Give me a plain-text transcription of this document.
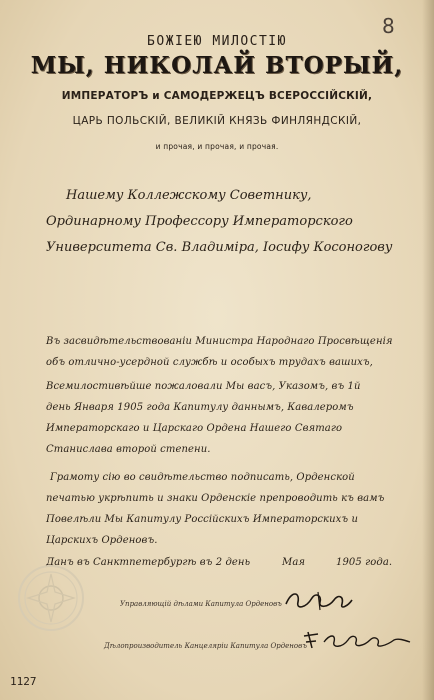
8
БОЖІЕЮ МИЛОСТІЮ
МЫ, НИКОЛАЙ ВТОРЫЙ,
ИМПЕРАТОРЪ и САМОДЕРЖЕЦЪ ВСЕРОССІЙСКІЙ,
ЦАРЬ ПОЛЬСКІЙ, ВЕЛИКІЙ КНЯЗЬ ФИНЛЯНДСКІЙ,
и прочая, и прочая, и прочая.
Нашему Коллежскому Советнику,
Ординарному Профессору Императорского
Университета Св. Владиміра, Іосифу Косоногову
Въ засвидѣтельствованіи Министра Народнаго Просвѣщенія
объ отлично-усердной службѣ и особыхъ трудахъ вашихъ,
Всемилостивѣйше пожаловали Мы васъ, Указомъ, въ 1й
день Января 1905 года Капитулу даннымъ, Кавалеромъ
Императорскаго и Царскаго Ордена Нашего Святаго
Станислава второй степени.
Грамоту сію во свидѣтельство подписать, Орденской
печатью укрѣпить и знаки Орденскіе препроводить къ вамъ
Повелѣли Мы Капитулу Россійскихъ Императорскихъ и
Царскихъ Орденовъ.
Данъ въ Санктпетербургѣ въ 2 день	Мая	1905 года.
Управляющій дѣлами Капитула Орденовъ
Дѣлопроизводитель Канцеляріи Капитула Орденовъ
1127
